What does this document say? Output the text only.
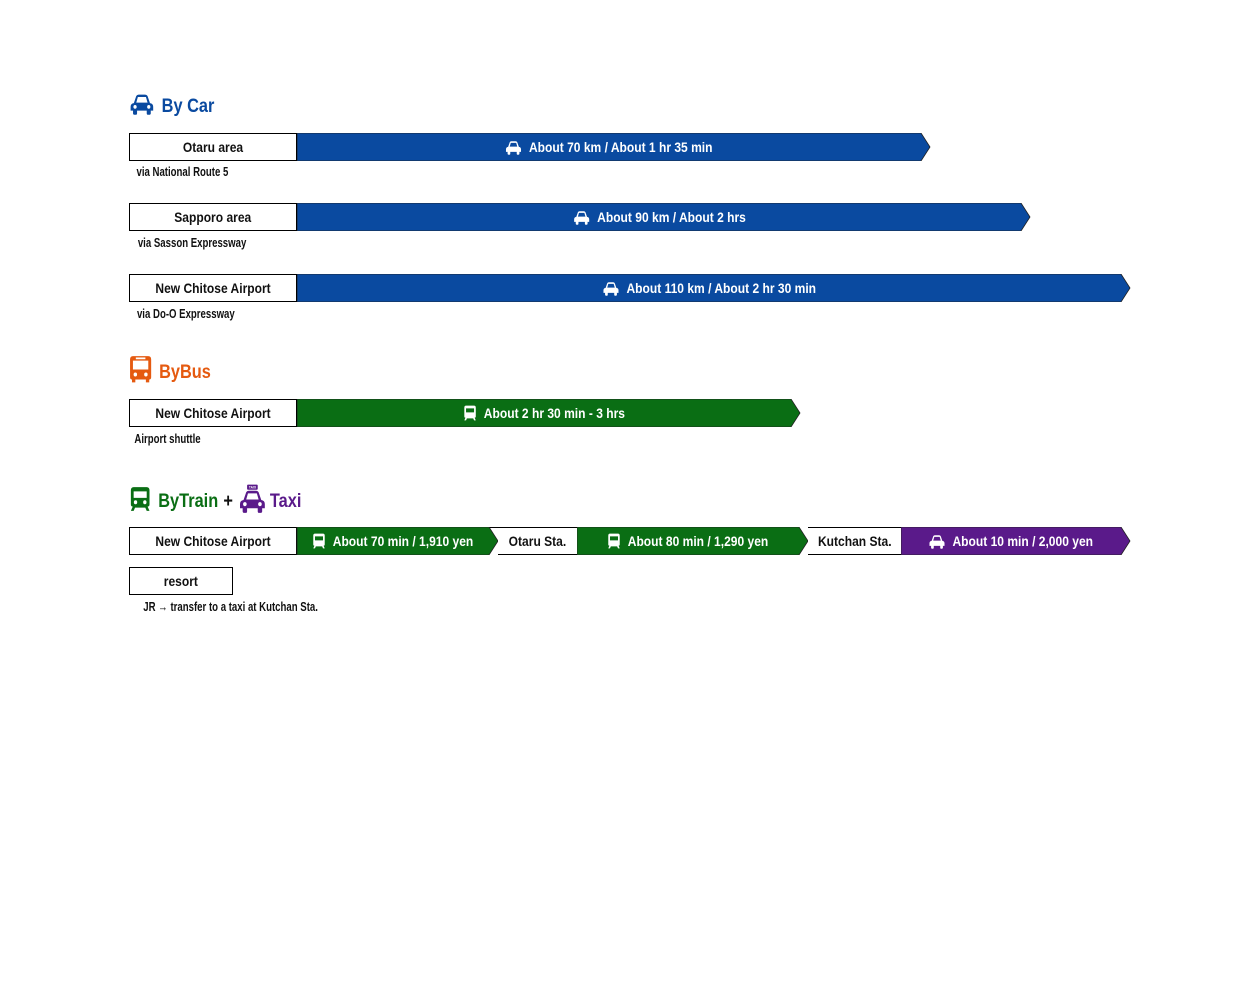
By Car
Otaru area	About 70 km / About 1 hr 35 min
via National Route 5
Sapporo area	About 90 km / About 2 hrs
via Sasson Expressway
New Chitose Airport	About 110 km / About 2 hr 30 min
via Do-O Expressway
ByBus
New Chitose Airport	About 2 hr 30 min - 3 hrs
Airport shuttle
ByTrain +
TAXI
Taxi
New Chitose Airport	About 70 min / 1,910 yen	Otaru Sta.	About 80 min / 1,290 yen	Kutchan Sta.	About 10 min / 2,000 yen
resort
JR → transfer to a taxi at Kutchan Sta.
